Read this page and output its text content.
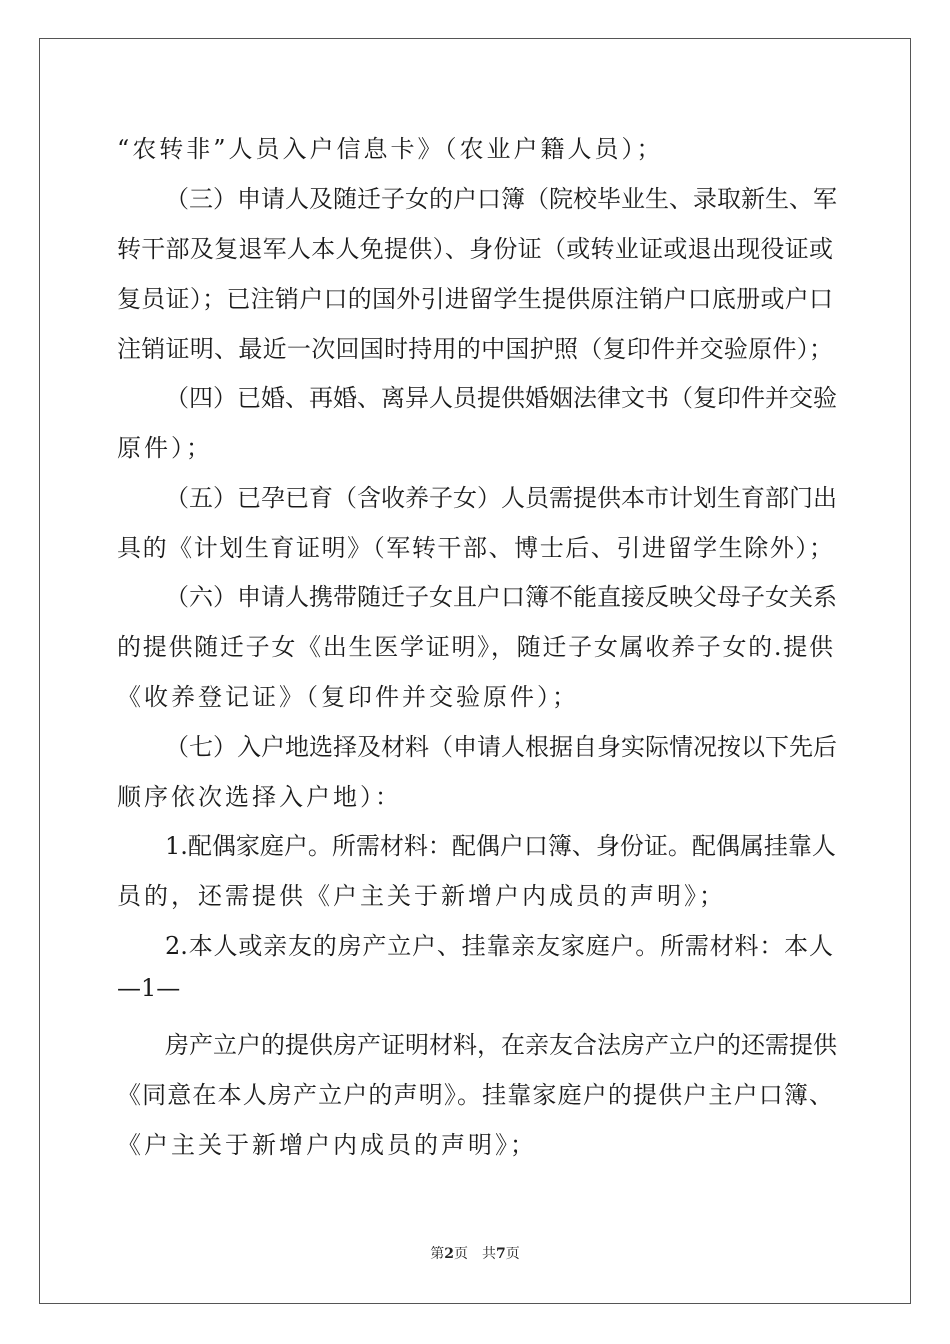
“农转非”人员入户信息卡》（农业户籍人员）；
（三）申请人及随迁子女的户口簿（院校毕业生、录取新生、军
转干部及复退军人本人免提供）、身份证（或转业证或退出现役证或
复员证）；已注销户口的国外引进留学生提供原注销户口底册或户口
注销证明、最近一次回国时持用的中国护照（复印件并交验原件）；
（四）已婚、再婚、离异人员提供婚姻法律文书（复印件并交验
原件）；
（五）已孕已育（含收养子女）人员需提供本市计划生育部门出
具的《计划生育证明》（军转干部、博士后、引进留学生除外）；
（六）申请人携带随迁子女且户口簿不能直接反映父母子女关系
的提供随迁子女《出生医学证明》，随迁子女属收养子女的.提供
《收养登记证》（复印件并交验原件）；
（七）入户地选择及材料（申请人根据自身实际情况按以下先后
顺序依次选择入户地）：
1.配偶家庭户。所需材料：配偶户口簿、身份证。配偶属挂靠人
员的，还需提供《户主关于新增户内成员的声明》；
2.本人或亲友的房产立户、挂靠亲友家庭户。所需材料：本人
—1—
房产立户的提供房产证明材料，在亲友合法房产立户的还需提供
《同意在本人房产立户的声明》。挂靠家庭户的提供户主户口簿、
《户主关于新增户内成员的声明》；
第2页 共7页
